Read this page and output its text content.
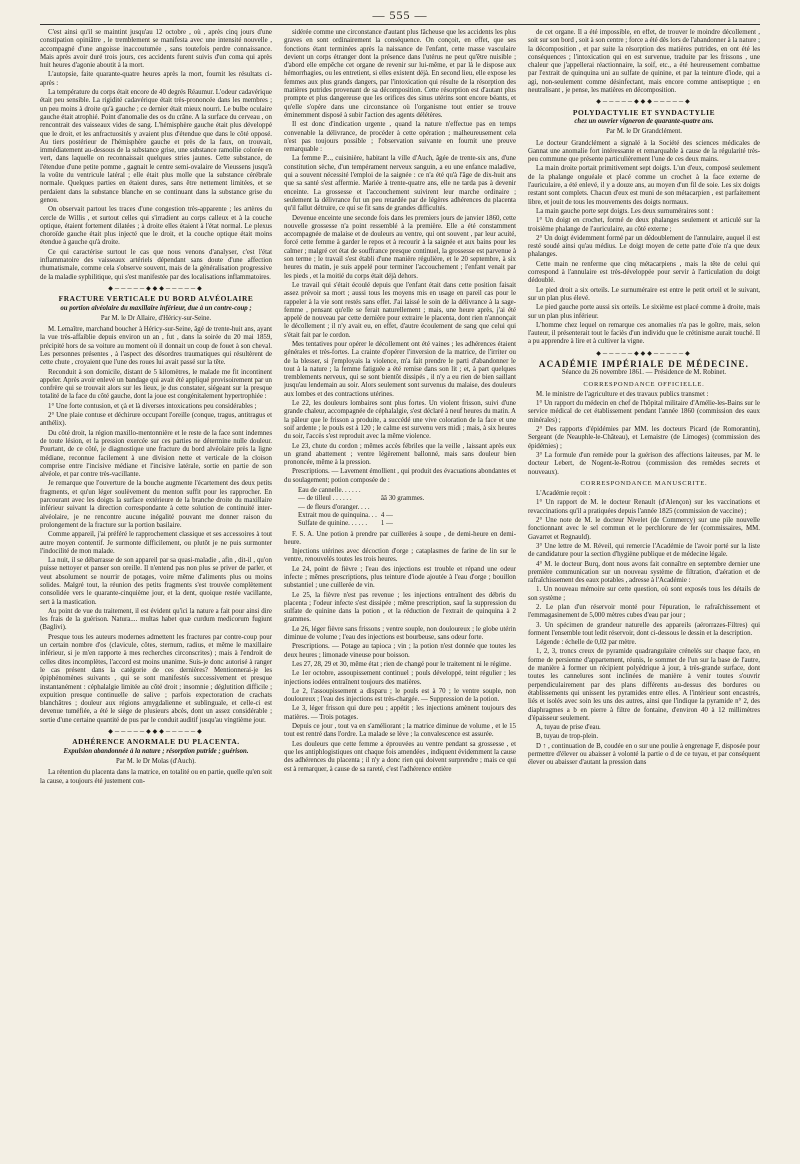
— 555 —

C'est ainsi qu'il se maintint jusqu'au 12 octobre , où , après cinq jours d'une constipation opiniâtre , le tremblement se manifesta avec une intensité nouvelle , accompagné d'une angoisse inaccoutumée , sans toutefois perdre connaissance. Mais après avoir duré trois jours, ces accidents furent suivis d'un coma qui après huit heures d'agonie aboutit à la mort.

L'autopsie, faite quarante-quatre heures après la mort, fournit les résultats ci-après :

La température du corps était encore de 40 degrés Réaumur. L'odeur cadavérique était peu sensible. La rigidité cadavérique était très-prononcée dans les membres ; un peu moins à droite qu'à gauche ; ce dernier était mieux nourri. Le bulbe oculaire gauche était atrophié. Point d'anomalie des os du crâne. A la surface du cerveau , on rencontrait des vaisseaux vides de sang. L'hémisphère gauche était plus développé que le droit, et les anfractuosités y avaient plus d'étendue que dans le côté opposé. Au tiers postérieur de l'hémisphère gauche et près de la faux, on trouvait, immédiatement au-dessous de la substance grise, une substance ramollie colorée en vert, dans laquelle on reconnaissait quelques stries jaunes. Cette substance, de l'étendue d'une petite pomme , gagnait le centre semi-ovalaire de Vieussens jusqu'à la voûte du ventricule latéral ; elle était plus molle que la substance cérébrale normale. Quelques parties en étaient dures, sans être nettement limitées, et se perdaient dans la substance blanche en se continuant dans la substance grise du genou.

On observait partout les traces d'une congestion très-apparente ; les artères du cercle de Willis , et surtout celles qui s'irradient au corps calleux et à la couche optique, étaient fortement dilatées ; à droite elles étaient à l'état normal. Le plexus choroïde gauche était plus injecté que le droit, et la couche optique était moins étendue à gauche qu'à droite.

Ce qui caractérise surtout le cas que nous venons d'analyser, c'est l'état inflammatoire des vaisseaux artériels dépendant sans doute d'une affection rhumatismale, comme cela s'observe souvent, mais de la généralisation progressive de la maladie syphilitique, qui s'est manifestée par des localisations inflammatoires.

◆─────◆◆◆─────◆
FRACTURE VERTICALE DU BORD ALVÉOLAIRE
ou portion alvéolaire du maxillaire inférieur, due à un contre-coup ;
Par M. le Dr Allaire, d'Héricy-sur-Seine.

M. Lemaître, marchand boucher à Héricy-sur-Seine, âgé de trente-huit ans, ayant la vue très-affaiblie depuis environ un an , fut , dans la soirée du 20 mai 1859, précipité hors de sa voiture au moment où il donnait un coup de fouet à son cheval. Les personnes présentes , à l'aspect des désordres traumatiques qui résultèrent de cette chute , croyaient que l'une des roues lui avait passé sur la tête.

Reconduit à son domicile, distant de 5 kilomètres, le malade me fit incontinent appeler. Après avoir enlevé un bandage qui avait été appliqué provisoirement par un confrère qui se trouvait alors sur les lieux, je dus constater, siégeant sur la presque totalité de la face du côté gauche, dont la joue est congénitalement hypertrophiée :

1° Une forte contusion, et çà et là diverses intoxications peu considérables ;

2° Une plaie contuse et déchirure occupant l'oreille (conque, tragus, antitragus et anthélix).

Du côté droit, la région maxillo-mentonnière et le reste de la face sont indemnes de toute lésion, et la pression exercée sur ces parties ne détermine nulle douleur. Pourtant, de ce côté, je diagnostique une fracture du bord alvéolaire près la ligne médiane, reconnue facilement à une division nette et verticale de la cloison comprise entre l'incisive médiane et l'incisive latérale, sortie en partie de son alvéole, et par contre très-vacillante.

Je remarque que l'ouverture de la bouche augmente l'écartement des deux petits fragments, et qu'un léger soulèvement du menton suffit pour les rapprocher. En parcourant avec les doigts la surface extérieure de la branche droite du maxillaire inférieur suivant la direction correspondante à cette solution de continuité inter-alvéolaire, je ne rencontre aucune inégalité pouvant me donner raison du prolongement de la fracture sur la portion basilaire.

Comme appareil, j'ai préféré le rapprochement classique et ses accessoires à tout autre moyen contentif. Je surmonte difficilement, ou plutôt je ne puis surmonter l'indocilité de mon malade.

La nuit, il se débarrasse de son appareil par sa quasi-maladie , afin , dit-il , qu'on puisse nettoyer et panser son oreille. Il n'entend pas non plus se priver de parler, et veut absolument se nourrir de potages, voire même d'aliments plus ou moins solides. Malgré tout, la réunion des petits fragments s'est trouvée complètement consolidée vers le quarante-cinquième jour, et la dent, quoique restée vacillante, sert à la mastication.

Au point de vue du traitement, il est évident qu'ici la nature a fait pour ainsi dire les frais de la guérison. Natura.... multas habet quæ curdum medicorum fugiunt (Baglivi).

Presque tous les auteurs modernes admettent les fractures par contre-coup pour un certain nombre d'os (clavicule, côtes, sternum, radius, et même le maxillaire inférieur, si je m'en rapporte à mes recherches circonscrites) ; mais à l'endroit de celles dites incomplètes, l'accord est moins unanime. Suis-je donc autorisé à ranger le cas présent dans la catégorie de ces dernières? Mentionnerai-je les épiphénomènes suivants , qui se sont manifestés successivement et presque instantanément : céphalalgie limitée au côté droit ; insomnie ; déglutition difficile ; expuition presque continuelle de salive ; parfois expectoration de crachats blanchâtres ; douleur aux régions amygdalienne et sublinguale, et celle-ci est devenue tuméfiée, a été le siège de plusieurs abcès, dont un assez considérable ; sortie d'une certaine quantité de pus par le conduit auditif jusqu'au vingtième jour.

◆─────◆◆◆─────◆
ADHÉRENCE ANORMALE DU PLACENTA.
Expulsion abandonnée à la nature ; résorption putride ; guérison.
Par M. le Dr Molas (d'Auch).

La rétention du placenta dans la matrice, en totalité ou en partie, quelle qu'en soit la cause, a toujours été justement con-

sidérée comme une circonstance d'autant plus fâcheuse que les accidents les plus graves en sont ordinairement la conséquence. On conçoit, en effet, que ses fonctions étant terminées après la naissance de l'enfant, cette masse vasculaire devient un corps étranger dont la présence dans l'utérus ne peut qu'être nuisible ; d'abord elle empêche cet organe de revenir sur lui-même, et par là le dispose aux hémorrhagies, ou les entretient, si elles existent déjà. En second lieu, elle expose les femmes aux plus grands dangers, par l'intoxication qui résulte de la résorption des matières putrides provenant de sa décomposition. Cette résorption est d'autant plus prompte et plus dangereuse que les orifices des sinus utérins sont encore béants, et qu'elle s'opère dans une circonstance où l'organisme tout entier se trouve éminemment disposé à subir l'action des agents délétères.

Il est donc d'indication urgente , quand la nature n'effectue pas en temps convenable la délivrance, de procéder à cette opération ; malheureusement cela n'est pas toujours possible ; l'observation suivante en fournit une preuve remarquable :

La femme P..., cuisinière, habitant la ville d'Auch, âgée de trente-six ans, d'une constitution sèche, d'un tempérament nerveux sanguin, a eu une enfance maladive, qui a souvent nécessité l'emploi de la saignée : ce n'a été qu'à l'âge de dix-huit ans que sa santé s'est affermie. Mariée à trente-quatre ans, elle ne tarda pas à devenir enceinte. La grossesse et l'accouchement suivirent leur marche ordinaire ; seulement la délivrance fut un peu retardée par de légères adhérences du placenta qu'il fallut détruire, ce qui se fit sans de grandes difficultés.

Devenue enceinte une seconde fois dans les premiers jours de janvier 1860, cette nouvelle grossesse n'a point ressemblé à la première. Elle a été constamment accompagnée de malaise et de douleurs au ventre, qui ont souvent , par leur acuité, forcé cette femme à garder le repos et à recourir à la saignée et aux bains pour les calmer ; malgré cet état de souffrance presque continuel, la grossesse est parvenue à son terme ; le travail s'est établi d'une manière régulière, et le 20 septembre, à six heures du matin, je suis appelé pour terminer l'accouchement ; l'enfant venait par les pieds , et la moitié du corps était déjà dehors.

Le travail qui s'était écoulé depuis que l'enfant était dans cette position faisait assez prévoir sa mort ; aussi tous les moyens mis en usage en pareil cas pour le rappeler à la vie sont restés sans effet. J'ai laissé le soin de la délivrance à la sage-femme , pensant qu'elle se ferait naturellement ; mais, une heure après, j'ai été appelé de nouveau par cette dernière pour extraire le placenta, dont rien n'annonçait le décollement ; il n'y avait eu, en effet, d'autre écoulement de sang que celui qui s'était fait par le cordon.

Mes tentatives pour opérer le décollement ont été vaines ; les adhérences étaient générales et très-fortes. La crainte d'opérer l'inversion de la matrice, de l'irriter ou de la blesser, si j'employais la violence, m'a fait prendre le parti d'abandonner le tout à la nature ; la femme fatiguée a été remise dans son lit ; et, à part quelques tremblements nerveux, qui se sont bientôt dissipés , il n'y a eu rien de bien saillant jusqu'au lendemain au soir. Alors seulement sont survenus du malaise, des douleurs aux lombes et des contractions utérines.

Le 22, les douleurs lombaires sont plus fortes. Un violent frisson, suivi d'une grande chaleur, accompagnée de céphalalgie, s'est déclaré à neuf heures du matin. A la pâleur que le frisson a produite, a succédé une vive coloration de la face et une soif ardente ; le pouls est à 120 ; le calme est survenu vers midi ; mais, à six heures du soir, l'accès s'est reproduit avec la même violence.

Le 23, chute du cordon ; mêmes accès fébriles que la veille , laissant après eux un grand abattement ; ventre légèrement ballonné, mais sans douleur bien prononcée, même à la pression.

Prescriptions. — Lavement émollient , qui produit des évacuations abondantes et du soulagement; potion composée de :

Eau de cannelle. . . . . .	ãã 30 grammes.
— de tilleul . . . . . .	
— de fleurs d'oranger. . . .	
Extrait mou de quinquina. . .	4 —
Sulfate de quinine. . . . . .	1 —

F. S. A. Une potion à prendre par cuillerées à soupe , de demi-heure en demi-heure.

Injections utérines avec décoction d'orge ; cataplasmes de farine de lin sur le ventre, renouvelés toutes les trois heures.

Le 24, point de fièvre ; l'eau des injections est trouble et répand une odeur infecte ; mêmes prescriptions, plus teinture d'iode ajoutée à l'eau d'orge ; bouillon substantiel ; une cuillerée de vin.

Le 25, la fièvre n'est pas revenue ; les injections entraînent des débris du placenta ; l'odeur infecte s'est dissipée ; même prescription, sauf la suppression du sulfate de quinine dans la potion , et la réduction de l'extrait de quinquina à 2 grammes.

Le 26, léger fièvre sans frissons ; ventre souple, non douloureux ; le globe utérin diminue de volume ; l'eau des injections est bourbeuse, sans odeur forte.

Prescriptions. — Potage au tapioca ; vin ; la potion n'est donnée que toutes les deux heures ; limonade vineuse pour boisson.

Les 27, 28, 29 et 30, même état ; rien de changé pour le traitement ni le régime.

Le 1er octobre, assoupissement continuel ; pouls développé, teint régulier ; les injections iodées entraînent toujours des matières.

Le 2, l'assoupissement a disparu ; le pouls est à 70 ; le ventre souple, non douloureux ; l'eau des injections est très-chargée. — Suppression de la potion.

Le 3, léger frisson qui dure peu ; appétit ; les injections amènent toujours des matières. — Trois potages.

Depuis ce jour , tout va en s'améliorant ; la matrice diminue de volume , et le 15 tout est rentré dans l'ordre. La malade se lève ; la convalescence est assurée.

Les douleurs que cette femme a éprouvées au ventre pendant sa grossesse , et que les antiphlogistiques ont chaque fois amendées , indiquent évidemment la cause des adhérences du placenta ; il n'y a donc rien qui doivent surprendre ; mais ce qui est à remarquer, à cause de sa rareté, c'est l'adhérence entière

de cet organe. Il a été impossible, en effet, de trouver le moindre décollement , soit sur son bord , soit à son centre ; force a été dès lors de l'abandonner à la nature ; la décomposition , et par suite la résorption des matières putrides, en ont été les conséquences ; l'intoxication qui en est survenue, traduite par les frissons , une chaleur que j'appellerai réactionnaire, la soif, etc., a été heureusement combattue par l'extrait de quinquina uni au sulfate de quinine, et par la teinture d'iode, qui a agi, non-seulement comme désinfectant, mais encore comme antiseptique ; en neutralisant , je pense, les matières en décomposition.

◆─────◆◆◆─────◆
POLYDACTYLIE ET SYNDACTYLIE
chez un ouvrier vigneron de quarante-quatre ans.
Par M. le Dr Grandclément.

Le docteur Grandclément a signalé à la Société des sciences médicales de Gannat une anomalie fort intéressante et remarquable à cause de la régularité très-peu commune que présente particulièrement l'une de ces deux mains.

La main droite portait primitivement sept doigts. L'un d'eux, composé seulement de la phalange onguéale et placé comme un crochet à la face externe de l'auriculaire, a été enlevé, il y a douze ans, au moyen d'un fil de soie. Les six doigts restant sont complets. Chacun d'eux est muni de son métacarpien , est parfaitement libre, et jouit de tous les mouvements des doigts normaux.

La main gauche porte sept doigts. Les deux surnuméraires sont :

1° Un doigt en crochet, formé de deux phalanges seulement et articulé sur la troisième phalange de l'auriculaire, au côté externe ;

2° Un doigt évidemment formé par un dédoublement de l'annulaire, auquel il est resté soudé ainsi qu'au médius. Le doigt moyen de cette patte d'oie n'a que deux phalanges.

Cette main ne renferme que cinq métacarpiens , mais la tête de celui qui correspond à l'annulaire est très-développée pour servir à l'articulation du doigt dédoublé.

Le pied droit a six orteils. Le surnuméraire est entre le petit orteil et le suivant, sur un plan plus élevé.

Le pied gauche porte aussi six orteils. Le sixième est placé comme à droite, mais sur un plan plus inférieur.

L'homme chez lequel on remarque ces anomalies n'a pas le goître, mais, selon l'auteur, il présenterait tout le faciès d'un individu que le crétinisme aurait touché. Il a pu apprendre à lire et à cultiver la vigne.

◆─────◆◆◆─────◆
ACADÉMIE IMPÉRIALE DE MÉDECINE.
Séance du 26 novembre 1861. — Présidence de M. Robinet.
CORRESPONDANCE OFFICIELLE.

M. le ministre de l'agriculture et des travaux publics transmet :

1° Un rapport du médecin en chef de l'hôpital militaire d'Amélie-les-Bains sur le service médical de cet établissement pendant l'année 1860 (commission des eaux minérales) ;

2° Des rapports d'épidémies par MM. les docteurs Picard (de Romorantin), Sergeant (de Neauphle-le-Château), et Lemaistre (de Limoges) (commission des épidémies) ;

3° La formule d'un remède pour la guérison des affections laiteuses, par M. le docteur Lebert, de Nogent-le-Rotrou (commission des remèdes secrets et nouveaux).

CORRESPONDANCE MANUSCRITE.

L'Académie reçoit :

1° Un rapport de M. le docteur Renault (d'Alençon) sur les vaccinations et revaccinations qu'il a pratiquées depuis l'année 1825 (commission de vaccine) ;

2° Une note de M. le docteur Nivelet (de Commercy) sur une pile nouvelle fonctionnant avec le sel commun et le perchlorure de fer (commissaires, MM. Gavarret et Regnauld).

3° Une lettre de M. Réveil, qui remercie l'Académie de l'avoir porté sur la liste de candidature pour la section d'hygiène publique et de médecine légale.

4° M. le docteur Burq, dont nous avons fait connaître en septembre dernier une première communication sur un nouveau système de filtration, d'aération et de rafraîchissement des eaux potables , adresse à l'Académie :

1. Un nouveau mémoire sur cette question, où sont exposés tous les détails de son système ;

2. Le plan d'un réservoir monté pour l'épuration, le rafraîchissement et l'emmagasinement de 5,000 mètres cubes d'eau par jour ;

3. Un spécimen de grandeur naturelle des appareils (aérorrazes-Filtres) qui forment l'ensemble tout ledit réservoir, dont ci-dessous le dessin et la description.

Légende : échelle de 0,02 par mètre.

1, 2, 3, troncs creux de pyramide quadrangulaire crénelés sur chaque face, en forme de persienne d'appartement, réunis, le sommet de l'un sur la base de l'autre, de manière à former un récipient polyédrique à jour, à très-grande surface, dont toutes les cannelures sont inclinées de manière à venir toutes s'ouvrir perpendiculairement par des plans différents au-dessus des bordures ou établissements qui unissent les pyramides entre elles. A l'intérieur sont encastrés, liés et isolés avec soin les uns des autres, ainsi que l'indique la pyramide n° 2, des diaphragmes a b en pierre à filtre de fontaine, d'environ 40 à 12 millimètres d'épaisseur seulement.

A, tuyau de prise d'eau.

B, tuyau de trop-plein.

D ↑ , continuation de B, coudée en o sur une poulie à engrenage F, disposée pour permettre d'élever ou abaisser à volonté la partie o d de ce tuyau, et par conséquent élever ou abaisser d'autant la pression dans
